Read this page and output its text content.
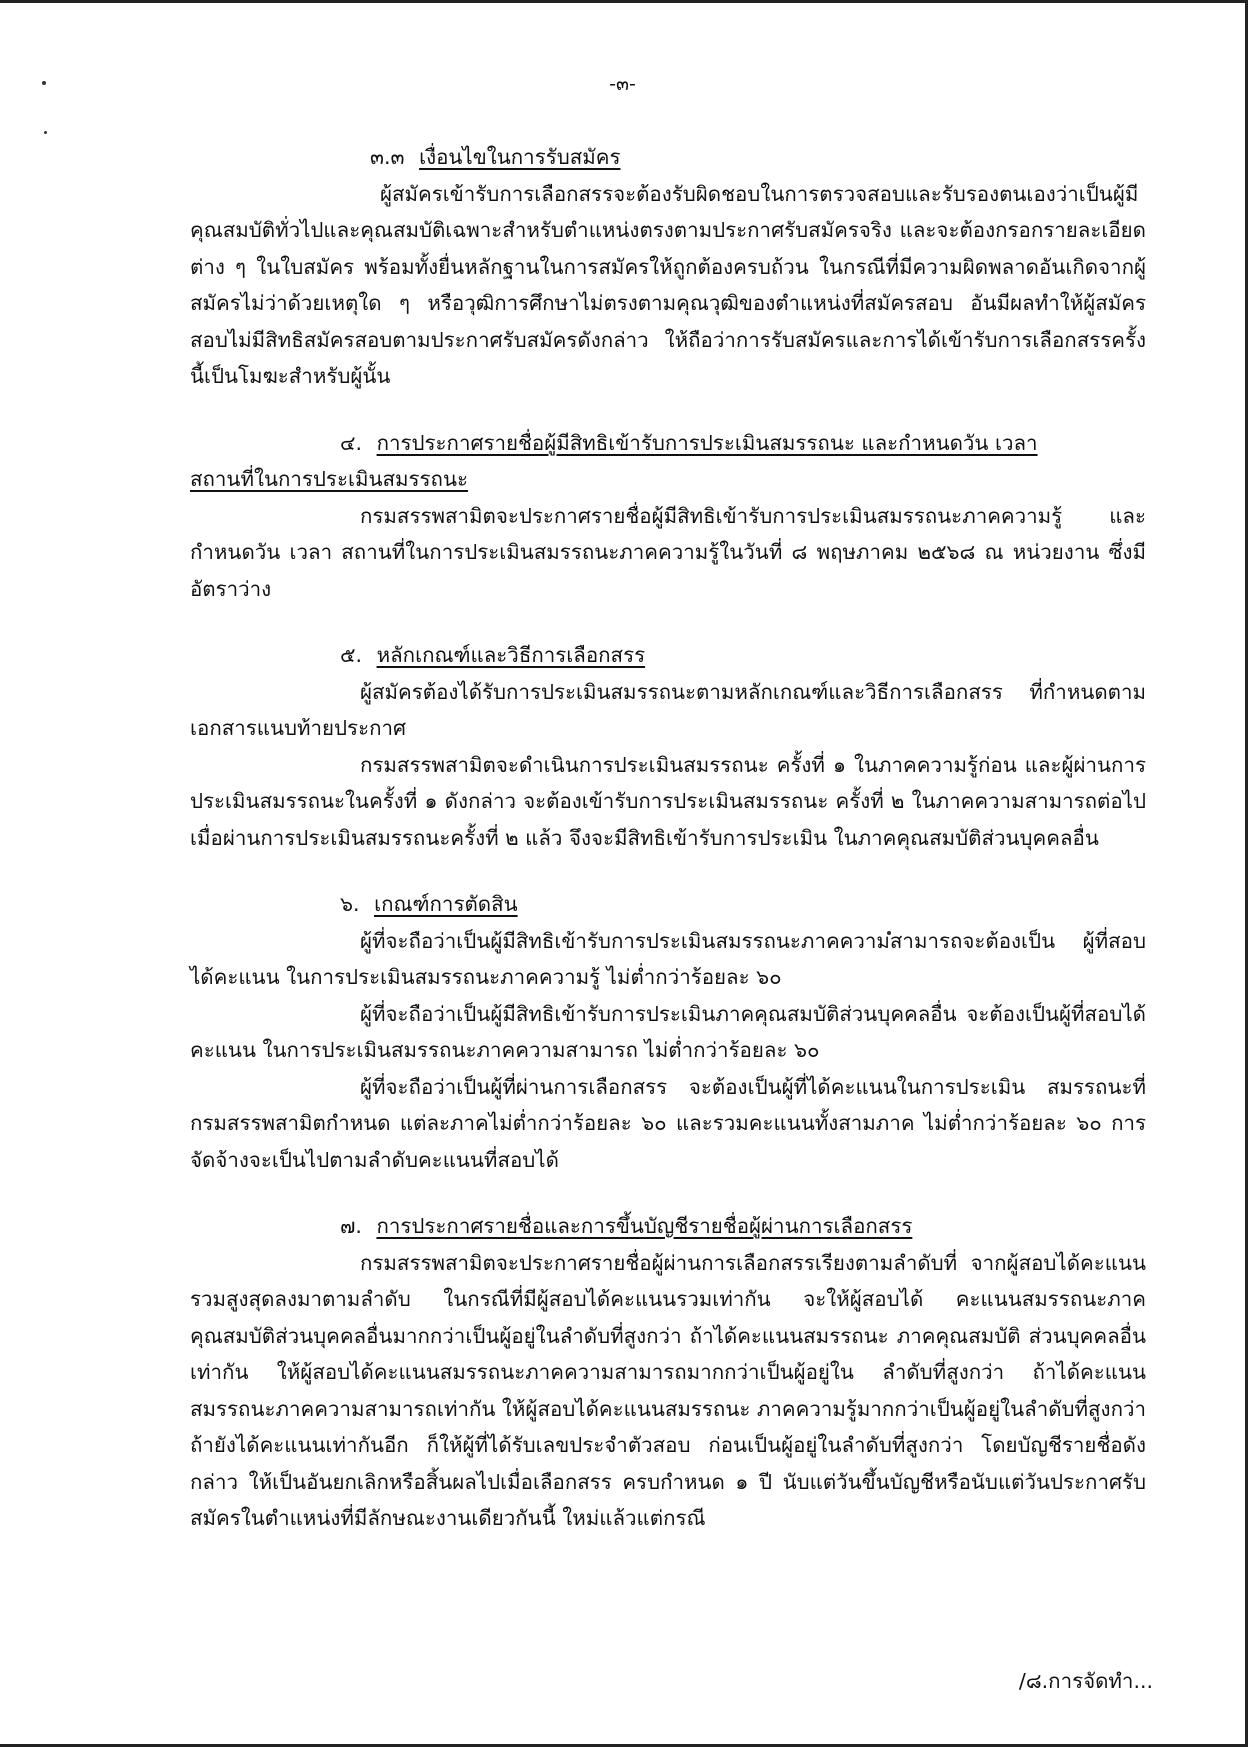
-๓-

๓.๓ เงื่อนไขในการรับสมัคร

ผู้สมัครเข้ารับการเลือกสรรจะต้องรับผิดชอบในการตรวจสอบและรับรองตนเองว่าเป็นผู้มีคุณสมบัติทั่วไปและคุณสมบัติเฉพาะสำหรับตำแหน่งตรงตามประกาศรับสมัครจริง และจะต้องกรอกรายละเอียดต่าง ๆ ในใบสมัคร พร้อมทั้งยื่นหลักฐานในการสมัครให้ถูกต้องครบถ้วน ในกรณีที่มีความผิดพลาดอันเกิดจากผู้สมัครไม่ว่าด้วยเหตุใด ๆ หรือวุฒิการศึกษาไม่ตรงตามคุณวุฒิของตำแหน่งที่สมัครสอบ อันมีผลทำให้ผู้สมัครสอบไม่มีสิทธิสมัครสอบตามประกาศรับสมัครดังกล่าว ให้ถือว่าการรับสมัครและการได้เข้ารับการเลือกสรรครั้งนี้เป็นโมฆะสำหรับผู้นั้น

๔. การประกาศรายชื่อผู้มีสิทธิเข้ารับการประเมินสมรรถนะ และกำหนดวัน เวลา

สถานที่ในการประเมินสมรรถนะ

กรมสรรพสามิตจะประกาศรายชื่อผู้มีสิทธิเข้ารับการประเมินสมรรถนะภาคความรู้ และกำหนดวัน เวลา สถานที่ในการประเมินสมรรถนะภาคความรู้ในวันที่ ๘ พฤษภาคม ๒๕๖๘ ณ หน่วยงาน ซึ่งมีอัตราว่าง

๕. หลักเกณฑ์และวิธีการเลือกสรร

ผู้สมัครต้องได้รับการประเมินสมรรถนะตามหลักเกณฑ์และวิธีการเลือกสรร ที่กำหนดตามเอกสารแนบท้ายประกาศ

กรมสรรพสามิตจะดำเนินการประเมินสมรรถนะ ครั้งที่ ๑ ในภาคความรู้ก่อน และผู้ผ่านการประเมินสมรรถนะในครั้งที่ ๑ ดังกล่าว จะต้องเข้ารับการประเมินสมรรถนะ ครั้งที่ ๒ ในภาคความสามารถต่อไป เมื่อผ่านการประเมินสมรรถนะครั้งที่ ๒ แล้ว จึงจะมีสิทธิเข้ารับการประเมิน ในภาคคุณสมบัติส่วนบุคคลอื่น

๖. เกณฑ์การตัดสิน

ผู้ที่จะถือว่าเป็นผู้มีสิทธิเข้ารับการประเมินสมรรถนะภาคความสามารถจะต้องเป็น ผู้ที่สอบได้คะแนน ในการประเมินสมรรถนะภาคความรู้ ไม่ต่ำกว่าร้อยละ ๖๐

ผู้ที่จะถือว่าเป็นผู้มีสิทธิเข้ารับการประเมินภาคคุณสมบัติส่วนบุคคลอื่น จะต้องเป็นผู้ที่สอบได้คะแนน ในการประเมินสมรรถนะภาคความสามารถ ไม่ต่ำกว่าร้อยละ ๖๐

ผู้ที่จะถือว่าเป็นผู้ที่ผ่านการเลือกสรร จะต้องเป็นผู้ที่ได้คะแนนในการประเมิน สมรรถนะที่กรมสรรพสามิตกำหนด แต่ละภาคไม่ต่ำกว่าร้อยละ ๖๐ และรวมคะแนนทั้งสามภาค ไม่ต่ำกว่าร้อยละ ๖๐ การจัดจ้างจะเป็นไปตามลำดับคะแนนที่สอบได้

๗. การประกาศรายชื่อและการขึ้นบัญชีรายชื่อผู้ผ่านการเลือกสรร

กรมสรรพสามิตจะประกาศรายชื่อผู้ผ่านการเลือกสรรเรียงตามลำดับที่ จากผู้สอบได้คะแนนรวมสูงสุดลงมาตามลำดับ ในกรณีที่มีผู้สอบได้คะแนนรวมเท่ากัน จะให้ผู้สอบได้ คะแนนสมรรถนะภาคคุณสมบัติส่วนบุคคลอื่นมากกว่าเป็นผู้อยู่ในลำดับที่สูงกว่า ถ้าได้คะแนนสมรรถนะ ภาคคุณสมบัติ ส่วนบุคคลอื่นเท่ากัน ให้ผู้สอบได้คะแนนสมรรถนะภาคความสามารถมากกว่าเป็นผู้อยู่ใน ลำดับที่สูงกว่า ถ้าได้คะแนนสมรรถนะภาคความสามารถเท่ากัน ให้ผู้สอบได้คะแนนสมรรถนะ ภาคความรู้มากกว่าเป็นผู้อยู่ในลำดับที่สูงกว่า ถ้ายังได้คะแนนเท่ากันอีก ก็ให้ผู้ที่ได้รับเลขประจำตัวสอบ ก่อนเป็นผู้อยู่ในลำดับที่สูงกว่า โดยบัญชีรายชื่อดังกล่าว ให้เป็นอันยกเลิกหรือสิ้นผลไปเมื่อเลือกสรร ครบกำหนด ๑ ปี นับแต่วันขึ้นบัญชีหรือนับแต่วันประกาศรับสมัครในตำแหน่งที่มีลักษณะงานเดียวกันนี้ ใหม่แล้วแต่กรณี

/๘.การจัดทำ...
